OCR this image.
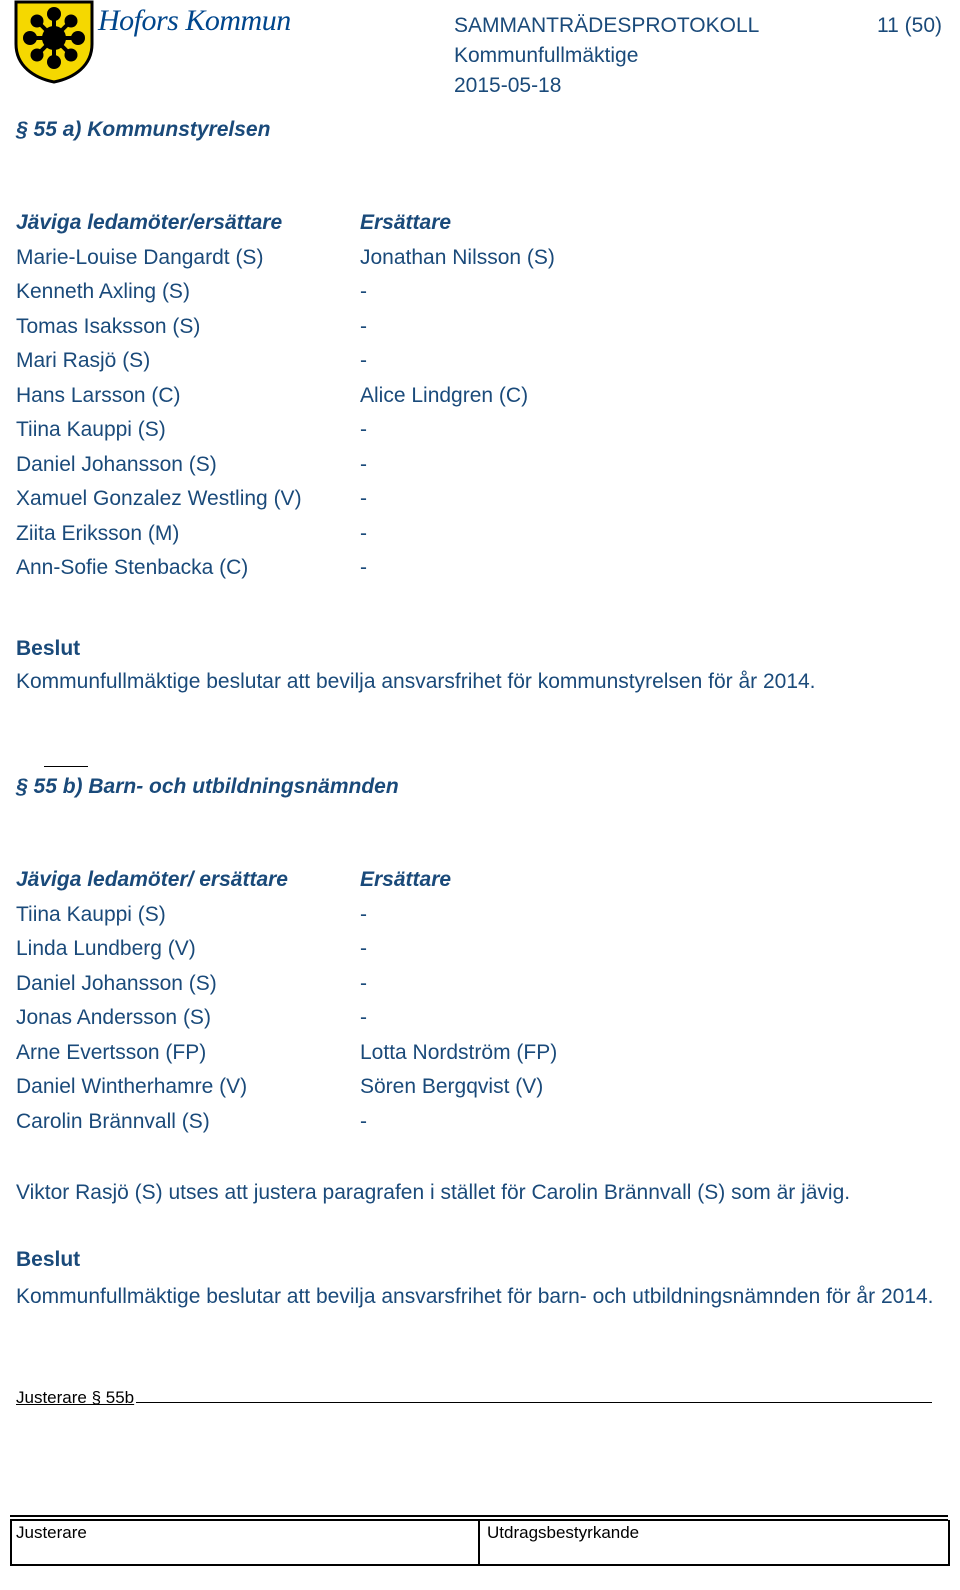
Hofors Kommun	SAMMANTRÄDESPROTOKOLL	11 (50)
Kommunfullmäktige
2015-05-18
§ 55 a) Kommunstyrelsen
Jäviga ledamöter/ersättare	Ersättare
Marie-Louise Dangardt (S)	Jonathan Nilsson (S)
Kenneth Axling (S)	-
Tomas Isaksson (S)	-
Mari Rasjö (S)	-
Hans Larsson (C)	Alice Lindgren (C)
Tiina Kauppi (S)	-
Daniel Johansson (S)	-
Xamuel Gonzalez Westling (V)	-
Ziita Eriksson (M)	-
Ann-Sofie Stenbacka (C)	-
Beslut
Kommunfullmäktige beslutar att bevilja ansvarsfrihet för kommunstyrelsen för år 2014.
§ 55 b) Barn- och utbildningsnämnden
Jäviga ledamöter/ ersättare	Ersättare
Tiina Kauppi (S)	-
Linda Lundberg (V)	-
Daniel Johansson (S)	-
Jonas Andersson (S)	-
Arne Evertsson (FP)	Lotta Nordström (FP)
Daniel Wintherhamre (V)	Sören Bergqvist (V)
Carolin Brännvall (S)	-
Viktor Rasjö (S) utses att justera paragrafen i stället för Carolin Brännvall (S) som är jävig.
Beslut
Kommunfullmäktige beslutar att bevilja ansvarsfrihet för barn- och utbildningsnämnden för år 2014.
Justerare § 55b
Justerare	Utdragsbestyrkande
